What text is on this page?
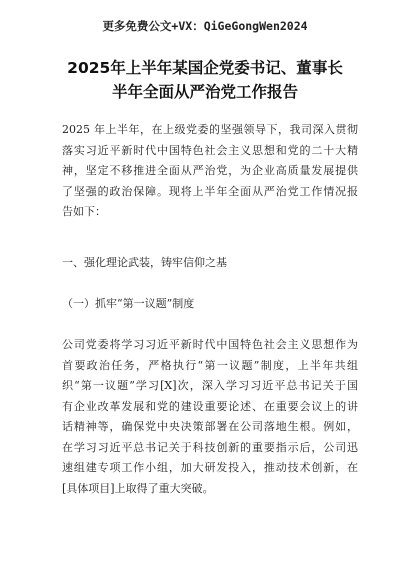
更多免费公文+VX：QiGeGongWen2024
2025年上半年某国企党委书记、董事长
半年全面从严治党工作报告
2025 年上半年，在上级党委的坚强领导下，我司深入贯彻
落实习近平新时代中国特色社会主义思想和党的二十大精
神，坚定不移推进全面从严治党，为企业高质量发展提供
了坚强的政治保障。现将上半年全面从严治党工作情况报
告如下：
一、强化理论武装，铸牢信仰之基
（一）抓牢“第一议题”制度
公司党委将学习习近平新时代中国特色社会主义思想作为
首要政治任务，严格执行“第一议题”制度，上半年共组
织“第一议题”学习[X]次，深入学习习近平总书记关于国
有企业改革发展和党的建设重要论述、在重要会议上的讲
话精神等，确保党中央决策部署在公司落地生根。例如，
在学习习近平总书记关于科技创新的重要指示后，公司迅
速组建专项工作小组，加大研发投入，推动技术创新，在
[具体项目]上取得了重大突破。
